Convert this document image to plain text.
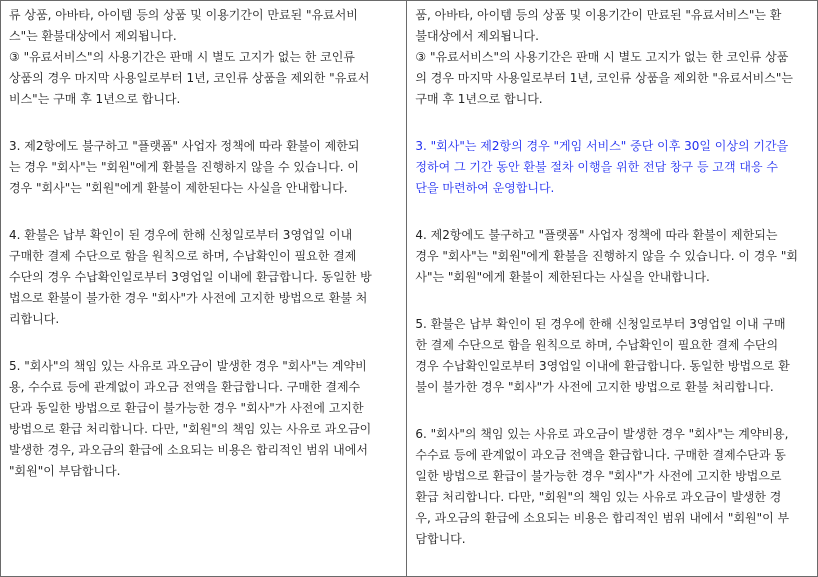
류 상품, 아바타, 아이템 등의 상품 및 이용기간이 만료된 "유료서비
스"는 환불대상에서 제외됩니다.
③ "유료서비스"의 사용기간은 판매 시 별도 고지가 없는 한 코인류
상품의 경우 마지막 사용일로부터 1년, 코인류 상품을 제외한 "유료서
비스"는 구매 후 1년으로 합니다.
3. 제2항에도 불구하고 "플랫폼" 사업자 정책에 따라 환불이 제한되
는 경우 "회사"는 "회원"에게 환불을 진행하지 않을 수 있습니다. 이
경우 "회사"는 "회원"에게 환불이 제한된다는 사실을 안내합니다.
4. 환불은 납부 확인이 된 경우에 한해 신청일로부터 3영업일 이내
구매한 결제 수단으로 함을 원칙으로 하며, 수납확인이 필요한 결제
수단의 경우 수납확인일로부터 3영업일 이내에 환급합니다. 동일한 방
법으로 환불이 불가한 경우 "회사"가 사전에 고지한 방법으로 환불 처
리합니다.
5. "회사"의 책임 있는 사유로 과오금이 발생한 경우 "회사"는 계약비
용, 수수료 등에 관계없이 과오금 전액을 환급합니다. 구매한 결제수
단과 동일한 방법으로 환급이 불가능한 경우 "회사"가 사전에 고지한
방법으로 환급 처리합니다. 다만, "회원"의 책임 있는 사유로 과오금이
발생한 경우, 과오금의 환급에 소요되는 비용은 합리적인 범위 내에서
"회원"이 부담합니다.

품, 아바타, 아이템 등의 상품 및 이용기간이 만료된 "유료서비스"는 환
불대상에서 제외됩니다.
③ "유료서비스"의 사용기간은 판매 시 별도 고지가 없는 한 코인류 상품
의 경우 마지막 사용일로부터 1년, 코인류 상품을 제외한 "유료서비스"는
구매 후 1년으로 합니다.
3. "회사"는 제2항의 경우 "게임 서비스" 중단 이후 30일 이상의 기간을
정하여 그 기간 동안 환불 절차 이행을 위한 전담 창구 등 고객 대응 수
단을 마련하여 운영합니다.
4. 제2항에도 불구하고 "플랫폼" 사업자 정책에 따라 환불이 제한되는
경우 "회사"는 "회원"에게 환불을 진행하지 않을 수 있습니다. 이 경우 "회
사"는 "회원"에게 환불이 제한된다는 사실을 안내합니다.
5. 환불은 납부 확인이 된 경우에 한해 신청일로부터 3영업일 이내 구매
한 결제 수단으로 함을 원칙으로 하며, 수납확인이 필요한 결제 수단의
경우 수납확인일로부터 3영업일 이내에 환급합니다. 동일한 방법으로 환
불이 불가한 경우 "회사"가 사전에 고지한 방법으로 환불 처리합니다.
6. "회사"의 책임 있는 사유로 과오금이 발생한 경우 "회사"는 계약비용,
수수료 등에 관계없이 과오금 전액을 환급합니다. 구매한 결제수단과 동
일한 방법으로 환급이 불가능한 경우 "회사"가 사전에 고지한 방법으로
환급 처리합니다. 다만, "회원"의 책임 있는 사유로 과오금이 발생한 경
우, 과오금의 환급에 소요되는 비용은 합리적인 범위 내에서 "회원"이 부
담합니다.
